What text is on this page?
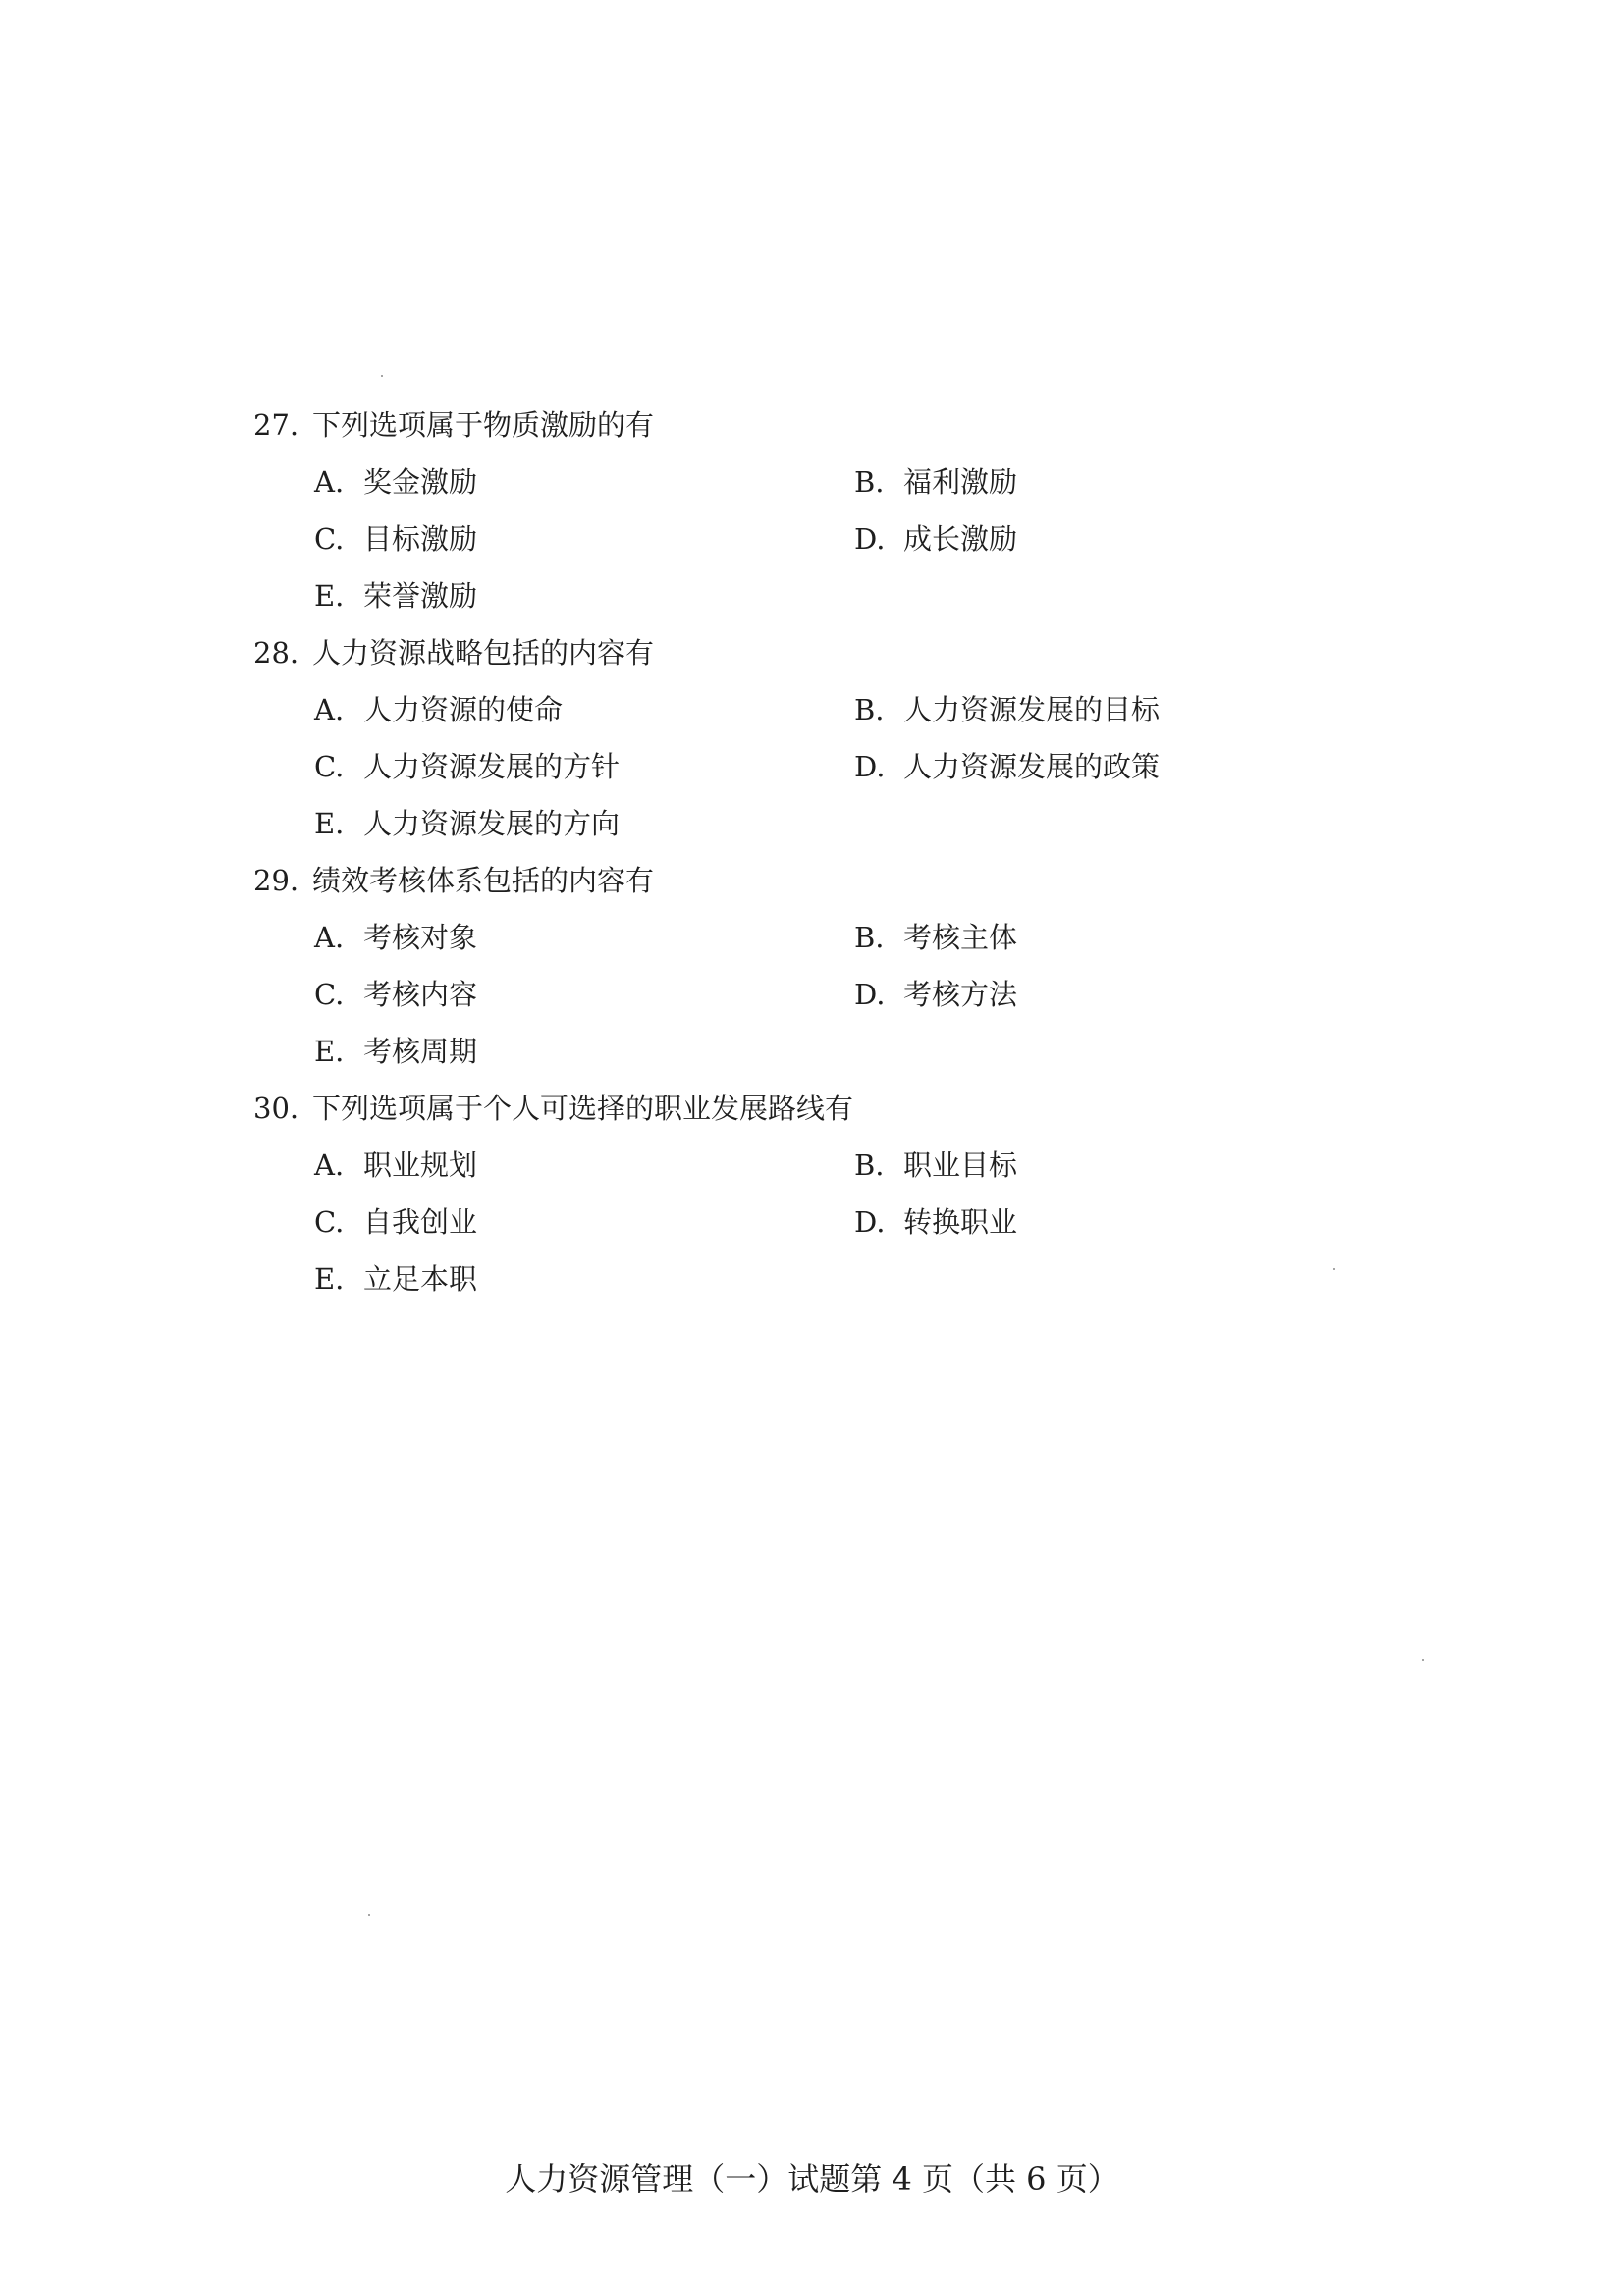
27. 下列选项属于物质激励的有
A. 奖金激励	B. 福利激励
C. 目标激励	D. 成长激励
E. 荣誉激励
28. 人力资源战略包括的内容有
A. 人力资源的使命	B. 人力资源发展的目标
C. 人力资源发展的方针	D. 人力资源发展的政策
E. 人力资源发展的方向
29. 绩效考核体系包括的内容有
A. 考核对象	B. 考核主体
C. 考核内容	D. 考核方法
E. 考核周期
30. 下列选项属于个人可选择的职业发展路线有
A. 职业规划	B. 职业目标
C. 自我创业	D. 转换职业
E. 立足本职
人力资源管理（一）试题第 4 页（共 6 页）
